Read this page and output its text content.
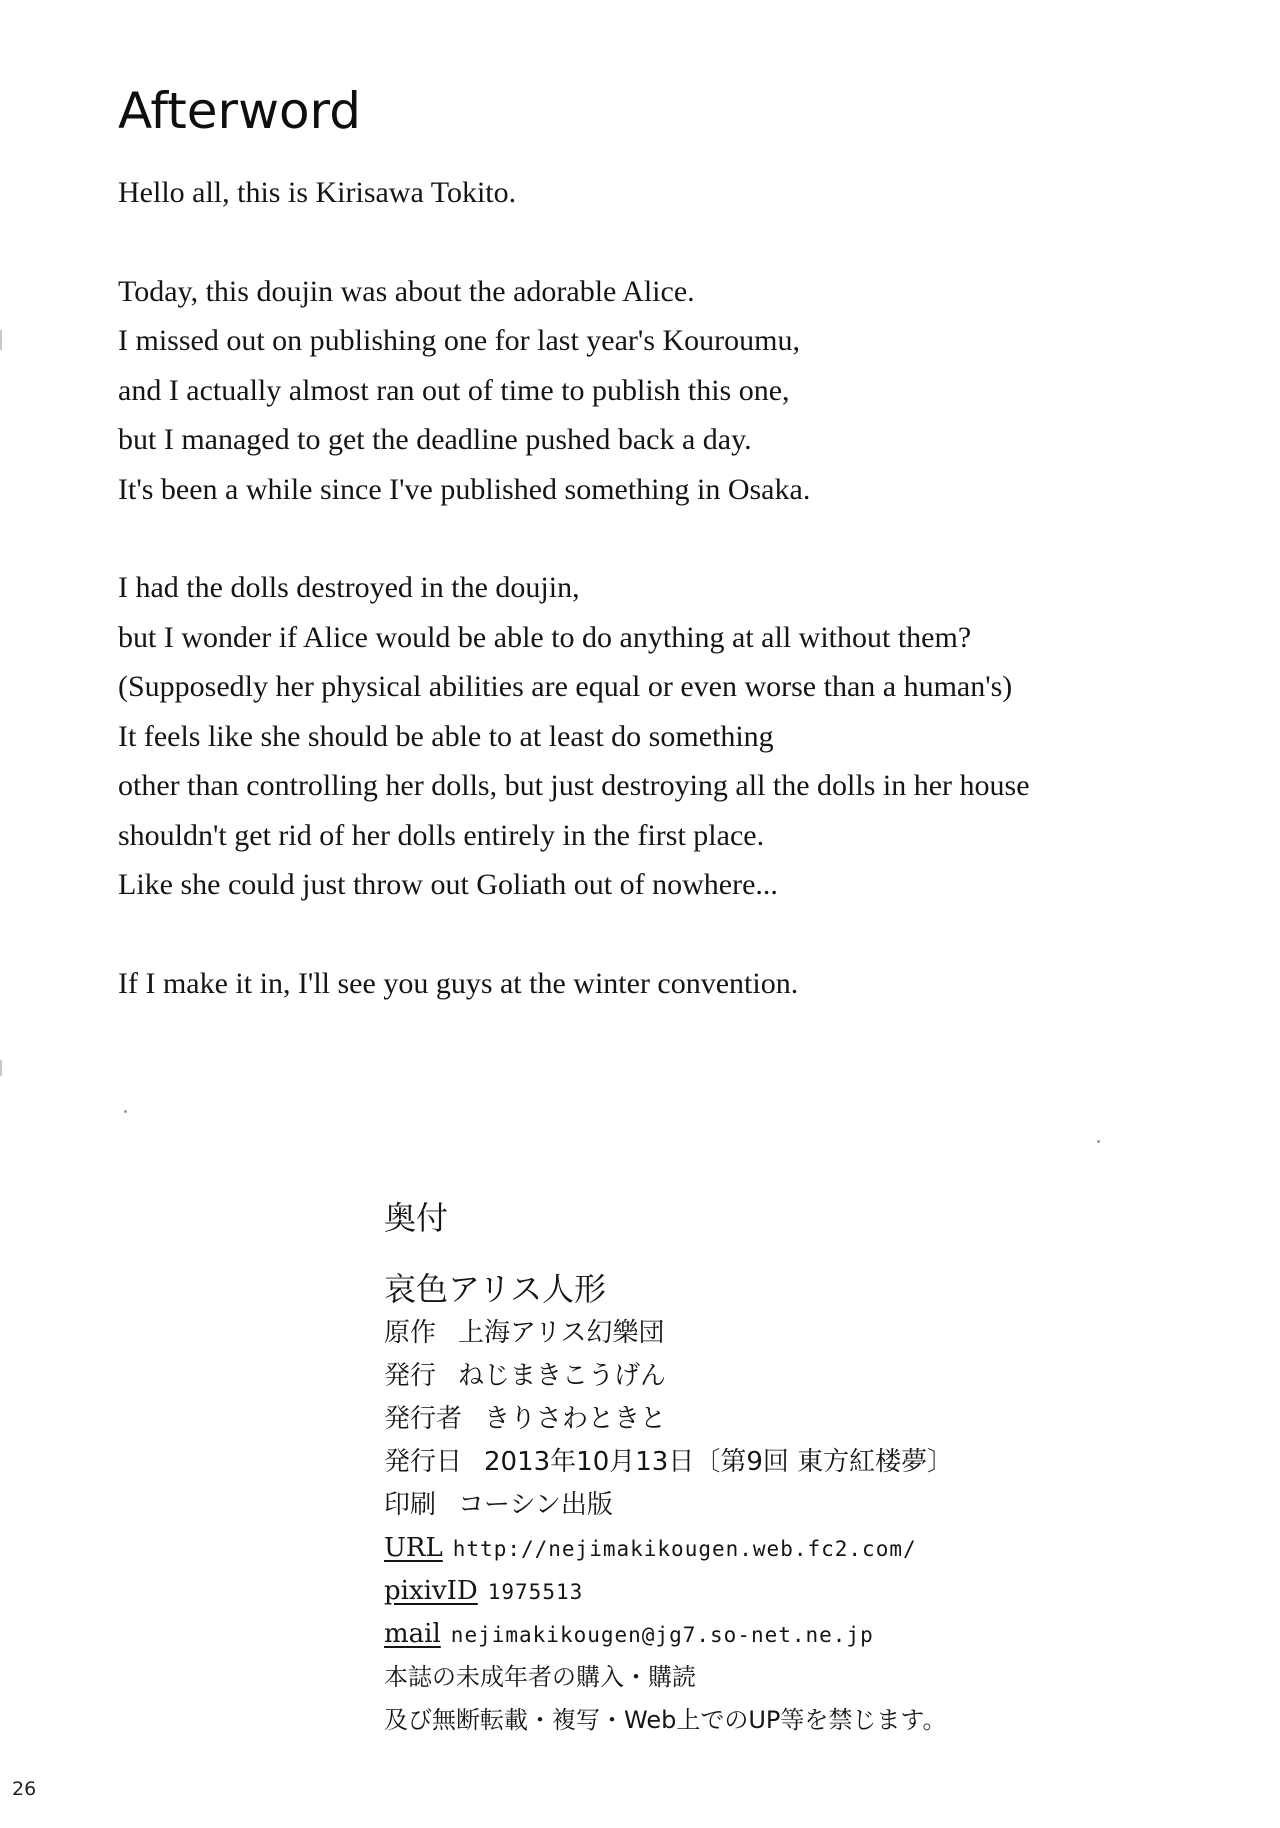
Afterword

Hello all, this is Kirisawa Tokito.

Today, this doujin was about the adorable Alice.
I missed out on publishing one for last year's Kouroumu,
and I actually almost ran out of time to publish this one,
but I managed to get the deadline pushed back a day.
It's been a while since I've published something in Osaka.

I had the dolls destroyed in the doujin,
but I wonder if Alice would be able to do anything at all without them?
(Supposedly her physical abilities are equal or even worse than a human's)
It feels like she should be able to at least do something
other than controlling her dolls, but just destroying all the dolls in her house
shouldn't get rid of her dolls entirely in the first place.
Like she could just throw out Goliath out of nowhere...

If I make it in, I'll see you guys at the winter convention.

奥付
哀色アリス人形
原作 上海アリス幻樂団
発行 ねじまきこうげん
発行者 きりさわときと
発行日 2013年10月13日〔第9回 東方紅楼夢〕
印刷 コーシン出版
URL http://nejimakikougen.web.fc2.com/
pixivID 1975513
mail nejimakikougen@jg7.so-net.ne.jp
本誌の未成年者の購入・購読
及び無断転載・複写・Web上でのUP等を禁じます。
26
